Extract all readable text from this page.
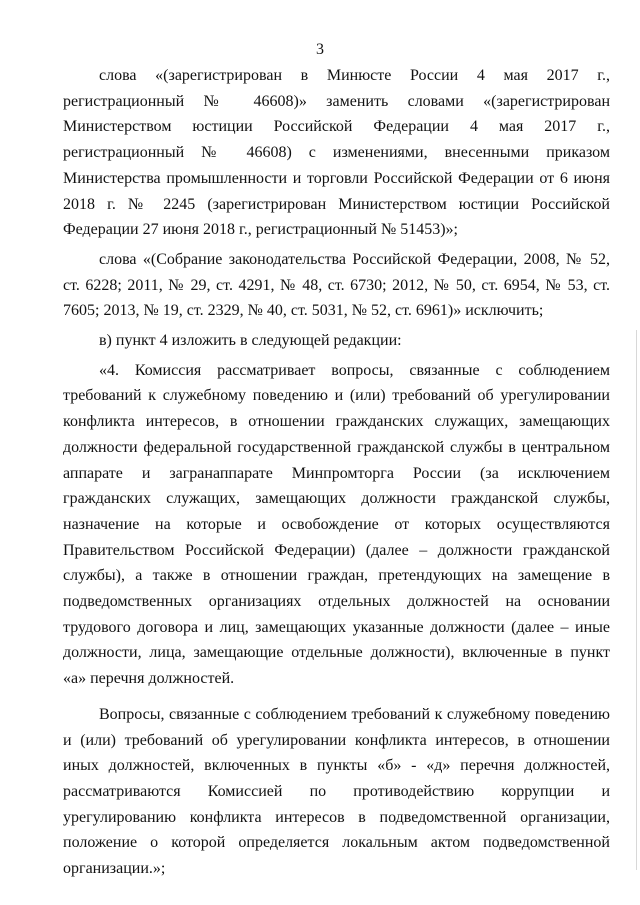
3

слова «(зарегистрирован в Минюсте России 4 мая 2017 г., регистрационный № 46608)» заменить словами «(зарегистрирован Министерством юстиции Российской Федерации 4 мая 2017 г., регистрационный № 46608) с изменениями, внесенными приказом Министерства промышленности и торговли Российской Федерации от 6 июня 2018 г. № 2245 (зарегистрирован Министерством юстиции Российской Федерации 27 июня 2018 г., регистрационный № 51453)»;

слова «(Собрание законодательства Российской Федерации, 2008, № 52, ст. 6228; 2011, № 29, ст. 4291, № 48, ст. 6730; 2012, № 50, ст. 6954, № 53, ст. 7605; 2013, № 19, ст. 2329, № 40, ст. 5031, № 52, ст. 6961)» исключить;

в) пункт 4 изложить в следующей редакции:

«4. Комиссия рассматривает вопросы, связанные с соблюдением требований к служебному поведению и (или) требований об урегулировании конфликта интересов, в отношении гражданских служащих, замещающих должности федеральной государственной гражданской службы в центральном аппарате и загранаппарате Минпромторга России (за исключением гражданских служащих, замещающих должности гражданской службы, назначение на которые и освобождение от которых осуществляются Правительством Российской Федерации) (далее – должности гражданской службы), а также в отношении граждан, претендующих на замещение в подведомственных организациях отдельных должностей на основании трудового договора и лиц, замещающих указанные должности (далее – иные должности, лица, замещающие отдельные должности), включенные в пункт «а» перечня должностей.

Вопросы, связанные с соблюдением требований к служебному поведению и (или) требований об урегулировании конфликта интересов, в отношении иных должностей, включенных в пункты «б» - «д» перечня должностей, рассматриваются Комиссией по противодействию коррупции и урегулированию конфликта интересов в подведомственной организации, положение о которой определяется локальным актом подведомственной организации.»;
